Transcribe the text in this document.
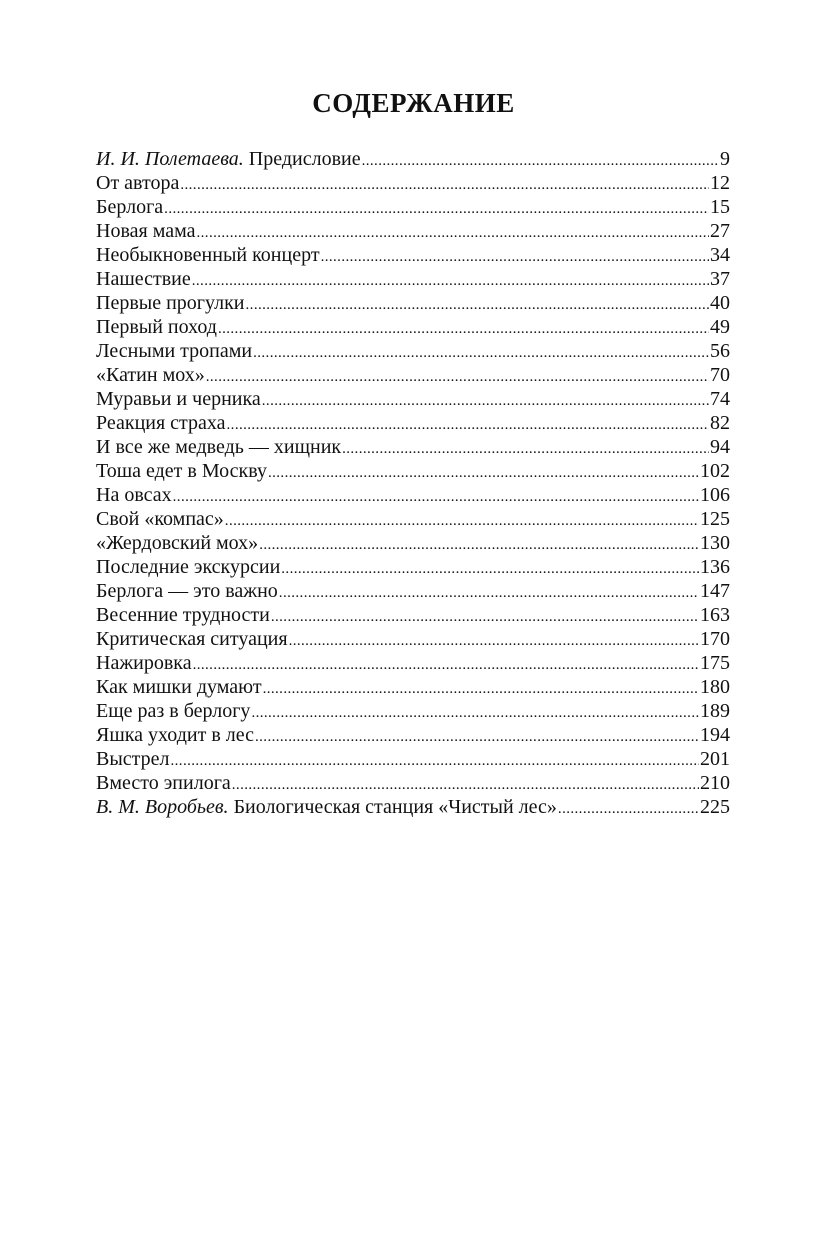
СОДЕРЖАНИЕ
И. И. Полетаева. Предисловие .....	9
От автора .....	12
Берлога .....	15
Новая мама .....	27
Необыкновенный концерт .....	34
Нашествие .....	37
Первые прогулки .....	40
Первый поход .....	49
Лесными тропами .....	56
«Катин мох» .....	70
Муравьи и черника .....	74
Реакция страха .....	82
И все же медведь — хищник .....	94
Тоша едет в Москву .....	102
На овсах .....	106
Свой «компас» .....	125
«Жердовский мох» .....	130
Последние экскурсии .....	136
Берлога — это важно .....	147
Весенние трудности .....	163
Критическая ситуация .....	170
Нажировка .....	175
Как мишки думают .....	180
Еще раз в берлогу .....	189
Яшка уходит в лес .....	194
Выстрел .....	201
Вместо эпилога .....	210
В. М. Воробьев. Биологическая станция «Чистый лес» .....	225
